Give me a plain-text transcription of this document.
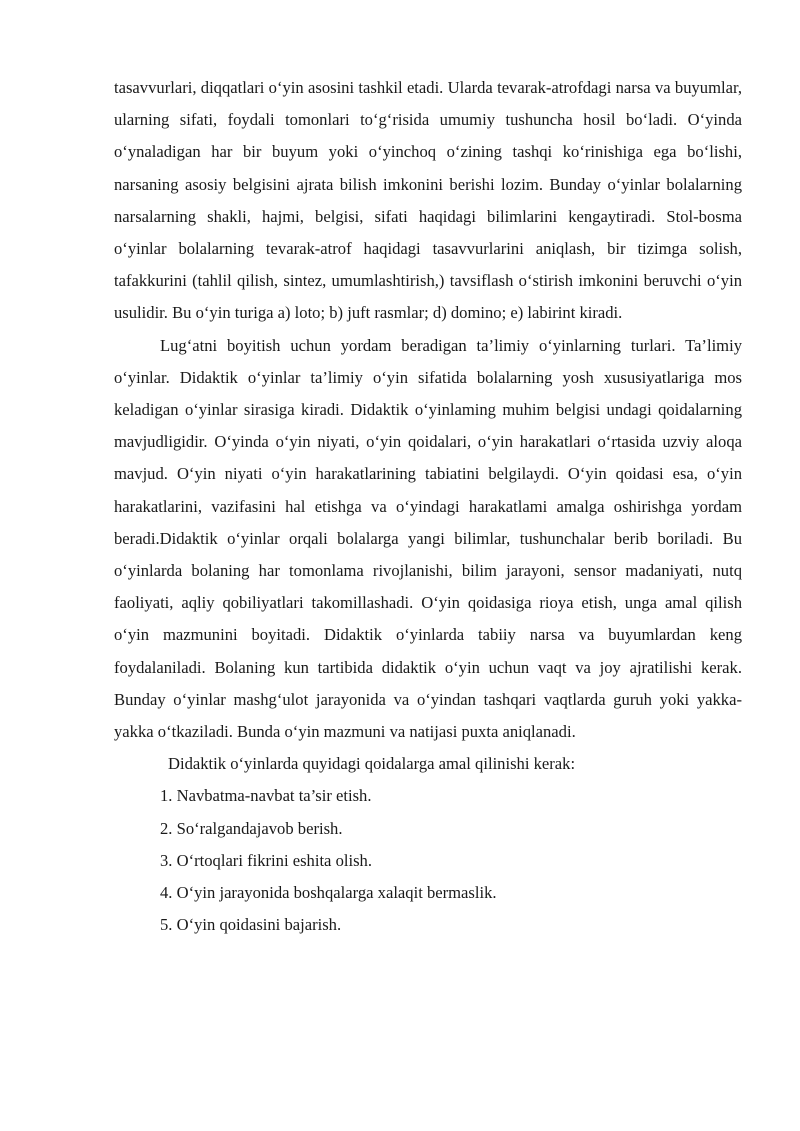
tasavvurlari, diqqatlari o‘yin asosini tashkil etadi. Ularda tevarak-atrofdagi narsa va buyumlar, ularning sifati, foydali tomonlari to‘g‘risida umumiy tushuncha hosil bo‘ladi. O‘yinda o‘ynaladigan har bir buyum yoki o‘yinchoq o‘zining tashqi ko‘rinishiga ega bo‘lishi, narsaning asosiy belgisini ajrata bilish imkonini berishi lozim. Bunday o‘yinlar bolalarning narsalarning shakli, hajmi, belgisi, sifati haqidagi bilimlarini kengaytiradi. Stol-bosma o‘yinlar bolalarning tevarak-atrof haqidagi tasavvurlarini aniqlash, bir tizimga solish, tafakkurini (tahlil qilish, sintez, umumlashtirish,) tavsiflash o‘stirish imkonini beruvchi o‘yin usulidir. Bu o‘yin turiga a) loto; b) juft rasmlar; d) domino; e) labirint kiradi.

Lug‘atni boyitish uchun yordam beradigan ta’limiy o‘yinlarning turlari. Ta’limiy o‘yinlar. Didaktik o‘yinlar ta’limiy o‘yin sifatida bolalarning yosh xususiyatlariga mos keladigan o‘yinlar sirasiga kiradi. Didaktik o‘yinlaming muhim belgisi undagi qoidalarning mavjudligidir. O‘yinda o‘yin niyati, o‘yin qoidalari, o‘yin harakatlari o‘rtasida uzviy aloqa mavjud. O‘yin niyati o‘yin harakatlarining tabiatini belgilaydi. O‘yin qoidasi esa, o‘yin harakatlarini, vazifasini hal etishga va o‘yindagi harakatlami amalga oshirishga yordam beradi.Didaktik o‘yinlar orqali bolalarga yangi bilimlar, tushunchalar berib boriladi. Bu o‘yinlarda bolaning har tomonlama rivojlanishi, bilim jarayoni, sensor madaniyati, nutq faoliyati, aqliy qobiliyatlari takomillashadi. O‘yin qoidasiga rioya etish, unga amal qilish o‘yin mazmunini boyitadi. Didaktik o‘yinlarda tabiiy narsa va buyumlardan keng foydalaniladi. Bolaning kun tartibida didaktik o‘yin uchun vaqt va joy ajratilishi kerak. Bunday o‘yinlar mashg‘ulot jarayonida va o‘yindan tashqari vaqtlarda guruh yoki yakka-yakka o‘tkaziladi. Bunda o‘yin mazmuni va natijasi puxta aniqlanadi.

Didaktik o‘yinlarda quyidagi qoidalarga amal qilinishi kerak:

1. Navbatma-navbat ta’sir etish.
2. So‘ralgandajavob berish.
3. O‘rtoqlari fikrini eshita olish.
4. O‘yin jarayonida boshqalarga xalaqit bermaslik.
5. O‘yin qoidasini bajarish.
